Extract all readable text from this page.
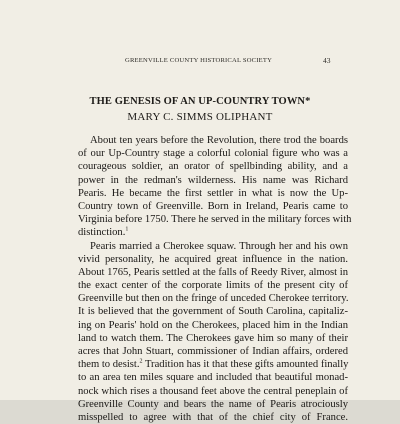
GREENVILLE COUNTY HISTORICAL SOCIETY	43
THE GENESIS OF AN UP-COUNTRY TOWN*
MARY C. SIMMS OLIPHANT
About ten years before the Revolution, there trod the boards
of our Up-Country stage a colorful colonial figure who was a
courageous soldier, an orator of spellbinding ability, and a
power in the redman's wilderness. His name was Richard
Pearis. He became the first settler in what is now the Up-
Country town of Greenville. Born in Ireland, Pearis came to
Virginia before 1750. There he served in the military forces with
distinction.$^1$
Pearis married a Cherokee squaw. Through her and his own
vivid personality, he acquired great influence in the nation.
About 1765, Pearis settled at the falls of Reedy River, almost in
the exact center of the corporate limits of the present city of
Greenville but then on the fringe of unceded Cherokee territory.
It is believed that the government of South Carolina, capitaliz-
ing on Pearis' hold on the Cherokees, placed him in the Indian
land to watch them. The Cherokees gave him so many of their
acres that John Stuart, commissioner of Indian affairs, ordered
them to desist.$^2$ Tradition has it that these gifts amounted finally
to an area ten miles square and included that beautiful monad-
nock which rises a thousand feet above the central peneplain of
Greenville County and bears the name of Pearis atrociously
misspelled to agree with that of the chief city of France.
